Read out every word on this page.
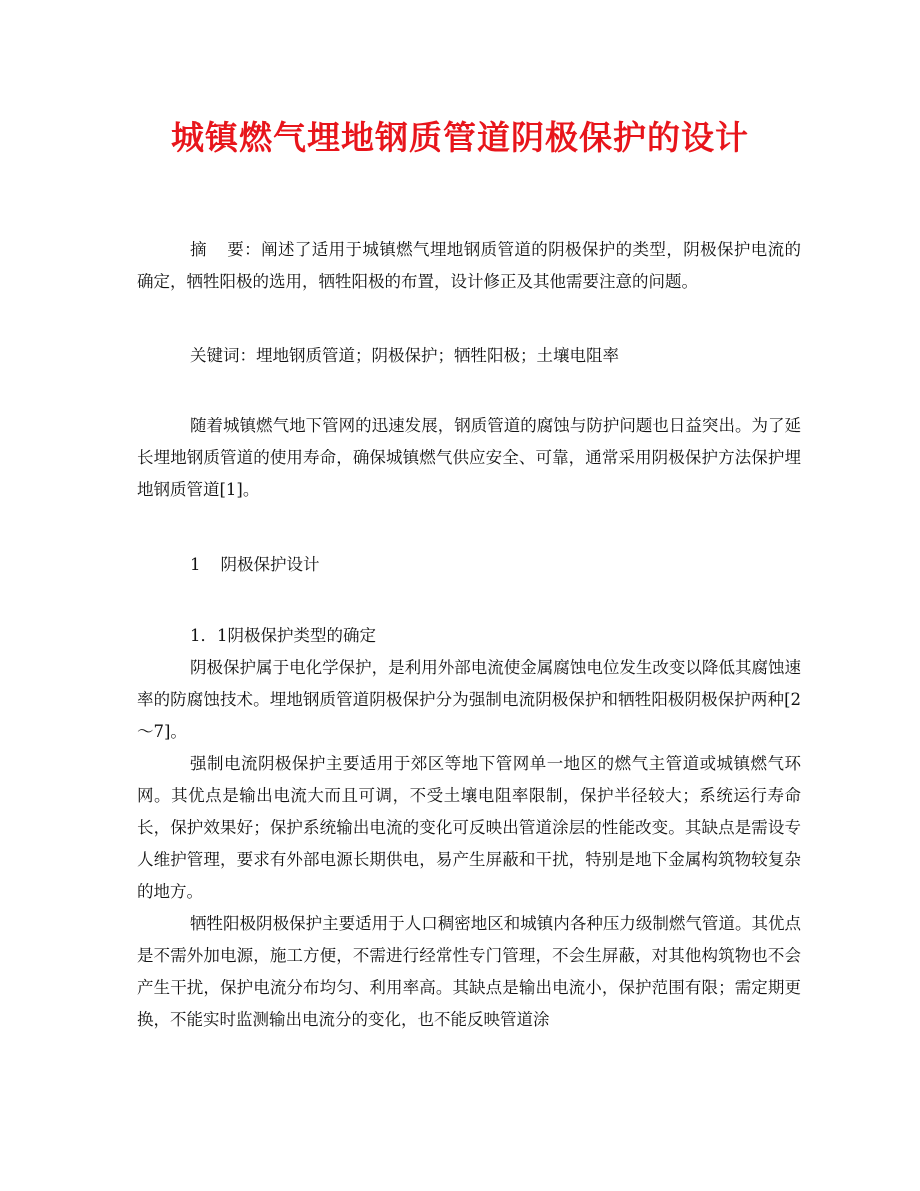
城镇燃气埋地钢质管道阴极保护的设计
摘 要：阐述了适用于城镇燃气埋地钢质管道的阴极保护的类型，阴极保护电流的确定，牺牲阳极的选用，牺牲阳极的布置，设计修正及其他需要注意的问题。
关键词：埋地钢质管道；阴极保护；牺牲阳极；土壤电阻率
随着城镇燃气地下管网的迅速发展，钢质管道的腐蚀与防护问题也日益突出。为了延长埋地钢质管道的使用寿命，确保城镇燃气供应安全、可靠，通常采用阴极保护方法保护埋地钢质管道[1]。
1 阴极保护设计
1．1阴极保护类型的确定

阴极保护属于电化学保护，是利用外部电流使金属腐蚀电位发生改变以降低其腐蚀速率的防腐蚀技术。埋地钢质管道阴极保护分为强制电流阴极保护和牺牲阳极阴极保护两种[2～7]。

强制电流阴极保护主要适用于郊区等地下管网单一地区的燃气主管道或城镇燃气环网。其优点是输出电流大而且可调，不受土壤电阻率限制，保护半径较大；系统运行寿命长，保护效果好；保护系统输出电流的变化可反映出管道涂层的性能改变。其缺点是需设专人维护管理，要求有外部电源长期供电，易产生屏蔽和干扰，特别是地下金属构筑物较复杂的地方。

牺牲阳极阴极保护主要适用于人口稠密地区和城镇内各种压力级制燃气管道。其优点是不需外加电源，施工方便，不需进行经常性专门管理，不会生屏蔽，对其他构筑物也不会产生干扰，保护电流分布均匀、利用率高。其缺点是输出电流小，保护范围有限；需定期更换，不能实时监测输出电流分的变化，也不能反映管道涂
